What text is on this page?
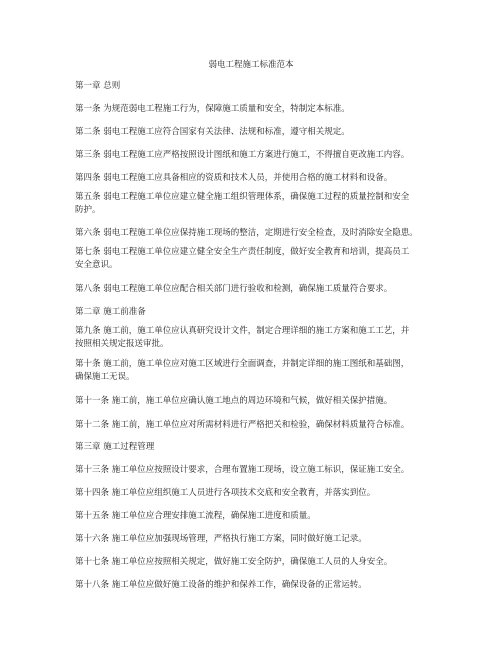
弱电工程施工标准范本
第一章 总则
第一条 为规范弱电工程施工行为，保障施工质量和安全，特制定本标准。
第二条 弱电工程施工应符合国家有关法律、法规和标准，遵守相关规定。
第三条 弱电工程施工应严格按照设计图纸和施工方案进行施工，不得擅自更改施工内容。
第四条 弱电工程施工应具备相应的资质和技术人员，并使用合格的施工材料和设备。
第五条 弱电工程施工单位应建立健全施工组织管理体系，确保施工过程的质量控制和安全
防护。
第六条 弱电工程施工单位应保持施工现场的整洁，定期进行安全检查，及时消除安全隐患。
第七条 弱电工程施工单位应建立健全安全生产责任制度，做好安全教育和培训，提高员工
安全意识。
第八条 弱电工程施工单位应配合相关部门进行验收和检测，确保施工质量符合要求。
第二章 施工前准备
第九条 施工前，施工单位应认真研究设计文件，制定合理详细的施工方案和施工工艺，并
按照相关规定报送审批。
第十条 施工前，施工单位应对施工区域进行全面调查，并制定详细的施工图纸和基础图，
确保施工无误。
第十一条 施工前，施工单位应确认施工地点的周边环境和气候，做好相关保护措施。
第十二条 施工前，施工单位应对所需材料进行严格把关和检验，确保材料质量符合标准。
第三章 施工过程管理
第十三条 施工单位应按照设计要求，合理布置施工现场，设立施工标识，保证施工安全。
第十四条 施工单位应组织施工人员进行各项技术交底和安全教育，并落实到位。
第十五条 施工单位应合理安排施工流程，确保施工进度和质量。
第十六条 施工单位应加强现场管理，严格执行施工方案，同时做好施工记录。
第十七条 施工单位应按照相关规定，做好施工安全防护，确保施工人员的人身安全。
第十八条 施工单位应做好施工设备的维护和保养工作，确保设备的正常运转。
